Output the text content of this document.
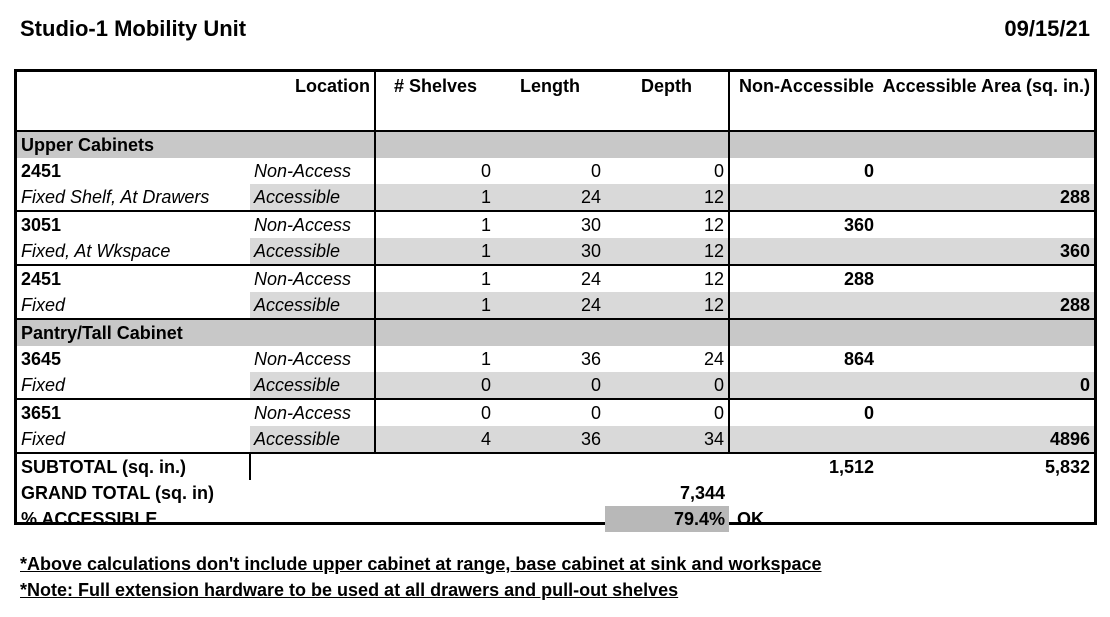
Studio-1 Mobility Unit	09/15/21
	Location	# Shelves	Length	Depth	Non-Accessible	Accessible Area (sq. in.)
Upper Cabinets						
2451	Non-Access	0	0	0	0	
Fixed Shelf, At Drawers	Accessible	1	24	12		288
3051	Non-Access	1	30	12	360	
Fixed, At Wkspace	Accessible	1	30	12		360
2451	Non-Access	1	24	12	288	
Fixed	Accessible	1	24	12		288
Pantry/Tall Cabinet						
3645	Non-Access	1	36	24	864	
Fixed	Accessible	0	0	0		0
3651	Non-Access	0	0	0	0	
Fixed	Accessible	4	36	34		4896
SUBTOTAL (sq. in.)					1,512	5,832
GRAND TOTAL (sq. in)				7,344		
% ACCESSIBLE				79.4%	OK	
*Above calculations don't include upper cabinet at range, base cabinet at sink and workspace
*Note: Full extension hardware to be used at all drawers and pull-out shelves
